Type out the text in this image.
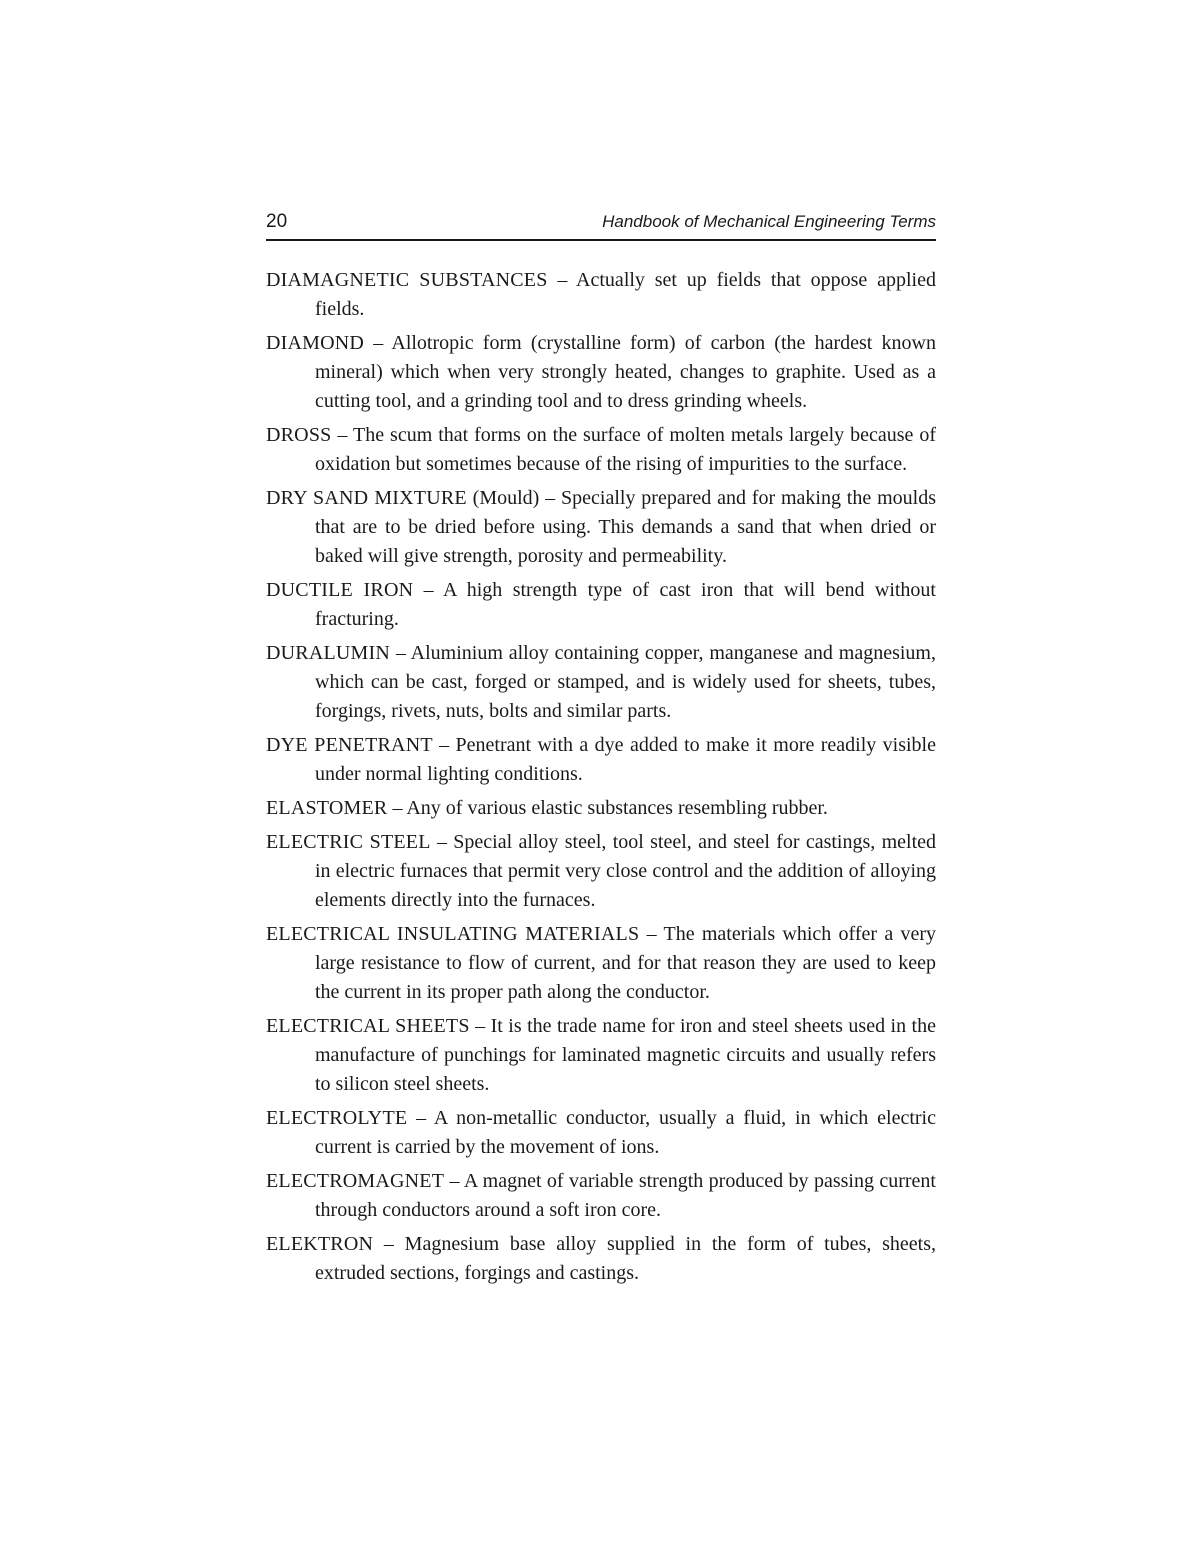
20	Handbook of Mechanical Engineering Terms

DIAMAGNETIC SUBSTANCES – Actually set up fields that oppose applied fields.

DIAMOND – Allotropic form (crystalline form) of carbon (the hardest known mineral) which when very strongly heated, changes to graphite. Used as a cutting tool, and a grinding tool and to dress grinding wheels.

DROSS – The scum that forms on the surface of molten metals largely because of oxidation but sometimes because of the rising of impurities to the surface.

DRY SAND MIXTURE (Mould) – Specially prepared and for making the moulds that are to be dried before using. This demands a sand that when dried or baked will give strength, porosity and permeability.

DUCTILE IRON – A high strength type of cast iron that will bend without fracturing.

DURALUMIN – Aluminium alloy containing copper, manganese and magnesium, which can be cast, forged or stamped, and is widely used for sheets, tubes, forgings, rivets, nuts, bolts and similar parts.

DYE PENETRANT – Penetrant with a dye added to make it more readily visible under normal lighting conditions.

ELASTOMER – Any of various elastic substances resembling rubber.

ELECTRIC STEEL – Special alloy steel, tool steel, and steel for castings, melted in electric furnaces that permit very close control and the addition of alloying elements directly into the furnaces.

ELECTRICAL INSULATING MATERIALS – The materials which offer a very large resistance to flow of current, and for that reason they are used to keep the current in its proper path along the conductor.

ELECTRICAL SHEETS – It is the trade name for iron and steel sheets used in the manufacture of punchings for laminated magnetic circuits and usually refers to silicon steel sheets.

ELECTROLYTE – A non-metallic conductor, usually a fluid, in which electric current is carried by the movement of ions.

ELECTROMAGNET – A magnet of variable strength produced by passing current through conductors around a soft iron core.

ELEKTRON – Magnesium base alloy supplied in the form of tubes, sheets, extruded sections, forgings and castings.
